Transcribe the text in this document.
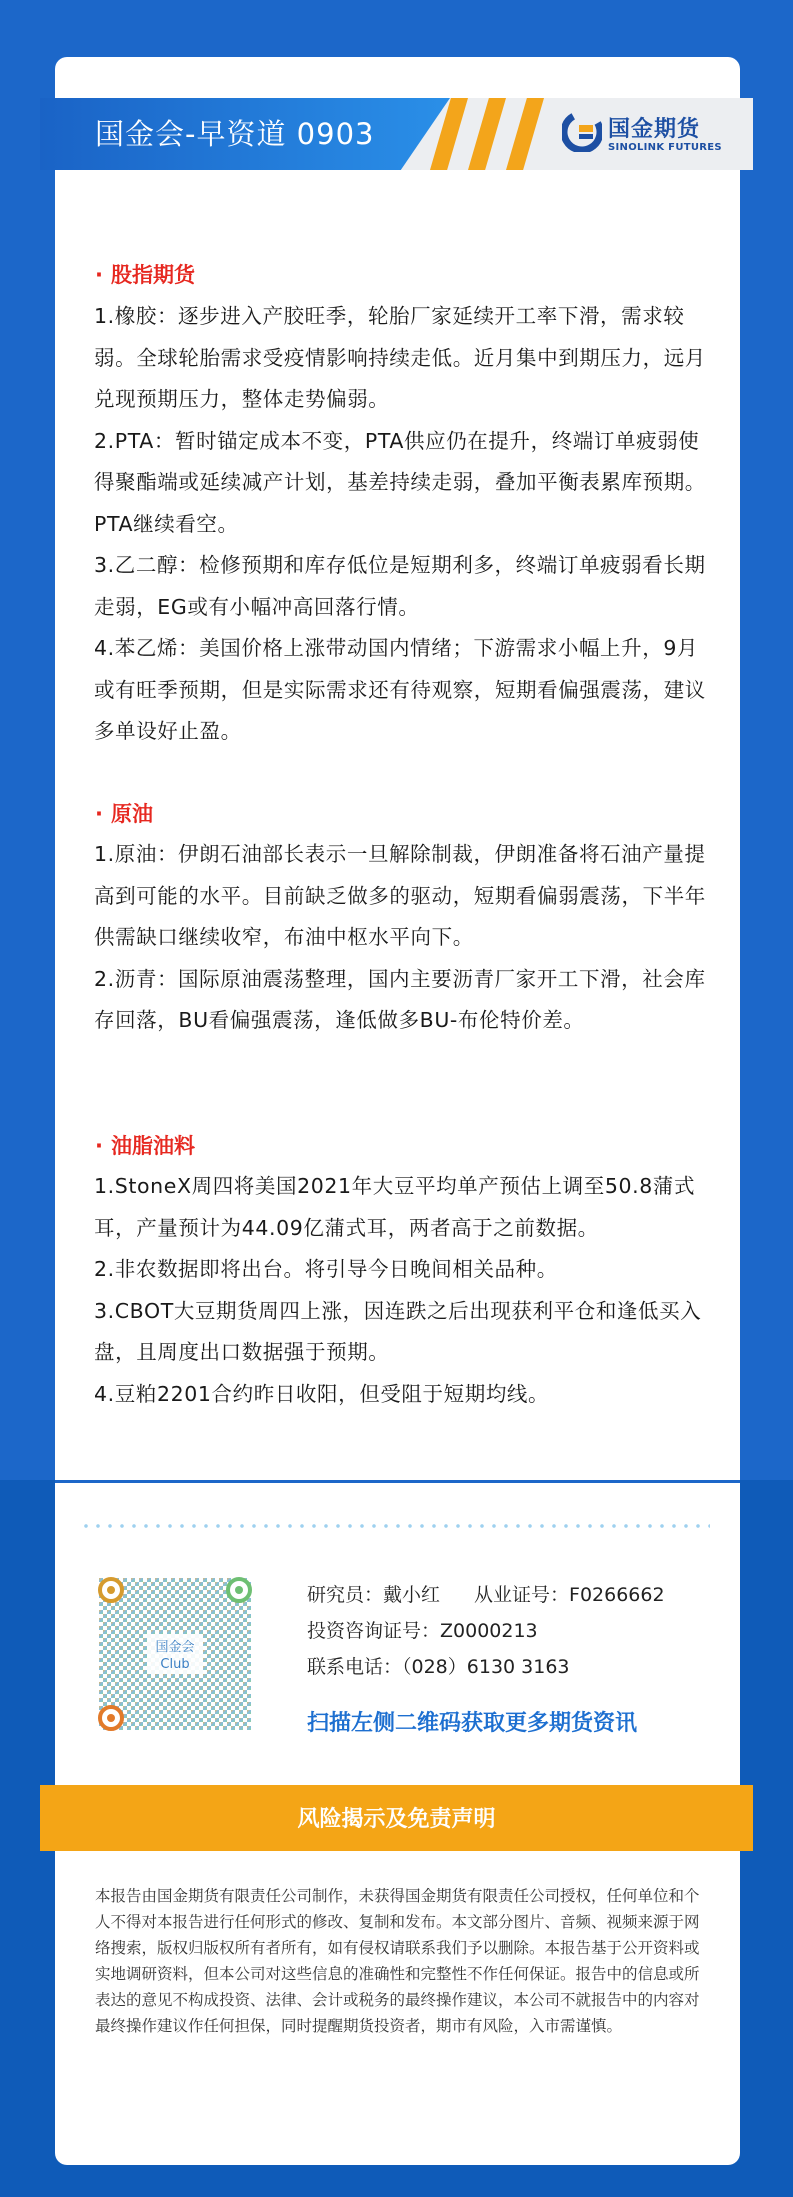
国金会-早资道 0903	国金期货
SINOLINK FUTURES
· 股指期货

1.橡胶：逐步进入产胶旺季，轮胎厂家延续开工率下滑，需求较弱。全球轮胎需求受疫情影响持续走低。近月集中到期压力，远月兑现预期压力，整体走势偏弱。

2.PTA：暂时锚定成本不变，PTA供应仍在提升，终端订单疲弱使得聚酯端或延续减产计划，基差持续走弱，叠加平衡表累库预期。PTA继续看空。

3.乙二醇：检修预期和库存低位是短期利多，终端订单疲弱看长期走弱，EG或有小幅冲高回落行情。

4.苯乙烯：美国价格上涨带动国内情绪；下游需求小幅上升，9月或有旺季预期，但是实际需求还有待观察，短期看偏强震荡，建议多单设好止盈。

· 原油

1.原油：伊朗石油部长表示一旦解除制裁，伊朗准备将石油产量提高到可能的水平。目前缺乏做多的驱动，短期看偏弱震荡，下半年供需缺口继续收窄，布油中枢水平向下。

2.沥青：国际原油震荡整理，国内主要沥青厂家开工下滑，社会库存回落，BU看偏强震荡，逢低做多BU-布伦特价差。

· 油脂油料

1.StoneX周四将美国2021年大豆平均单产预估上调至50.8蒲式耳，产量预计为44.09亿蒲式耳，两者高于之前数据。

2.非农数据即将出台。将引导今日晚间相关品种。

3.CBOT大豆期货周四上涨，因连跌之后出现获利平仓和逢低买入盘，且周度出口数据强于预期。

4.豆粕2201合约昨日收阳，但受阻于短期均线。

国金会
Club
研究员：戴小红 从业证号：F0266662
投资咨询证号：Z0000213
联系电话：（028）6130 3163
扫描左侧二维码获取更多期货资讯
风险揭示及免责声明
本报告由国金期货有限责任公司制作，未获得国金期货有限责任公司授权，任何单位和个人不得对本报告进行任何形式的修改、复制和发布。本文部分图片、音频、视频来源于网络搜索，版权归版权所有者所有，如有侵权请联系我们予以删除。本报告基于公开资料或实地调研资料，但本公司对这些信息的准确性和完整性不作任何保证。报告中的信息或所表达的意见不构成投资、法律、会计或税务的最终操作建议，本公司不就报告中的内容对最终操作建议作任何担保，同时提醒期货投资者，期市有风险，入市需谨慎。
